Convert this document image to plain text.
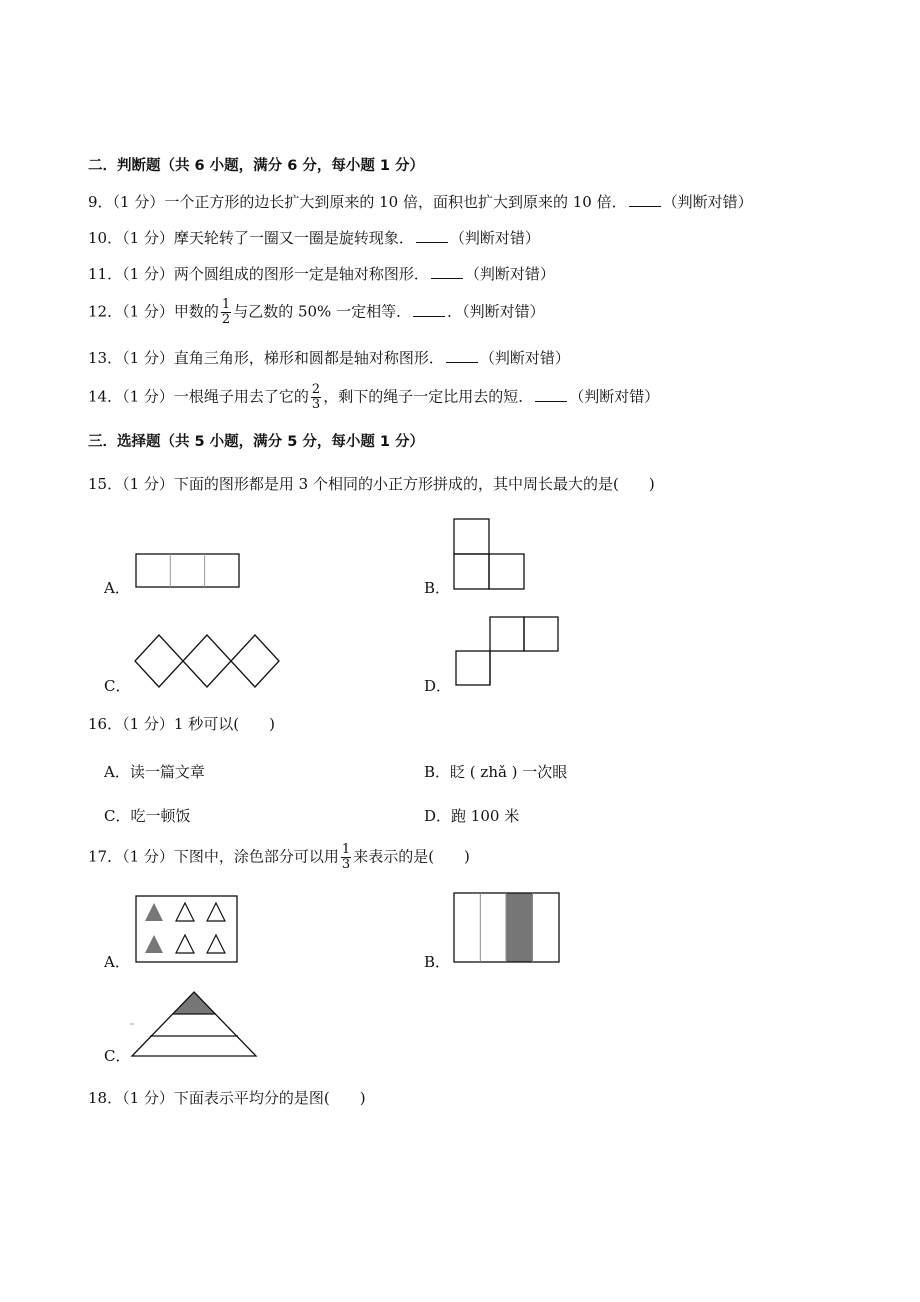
二．判断题（共 6 小题，满分 6 分，每小题 1 分）
9．（1 分）一个正方形的边长扩大到原来的 10 倍，面积也扩大到原来的 10 倍． （判断对错）
10．（1 分）摩天轮转了一圈又一圈是旋转现象． （判断对错）
11．（1 分）两个圆组成的图形一定是轴对称图形． （判断对错）
12．（1 分）甲数的 $\frac{1}{2}$ 与乙数的 50% 一定相等． ．（判断对错）
13．（1 分）直角三角形，梯形和圆都是轴对称图形． （判断对错）
14．（1 分）一根绳子用去了它的 $\frac{2}{3}$ ，剩下的绳子一定比用去的短． （判断对错）
三．选择题（共 5 小题，满分 5 分，每小题 1 分）
15．（1 分）下面的图形都是用 3 个相同的小正方形拼成的，其中周长最大的是(　　)
A．	B．
C．	D．
16．（1 分）1 秒可以(　　)
A．读一篇文章	B．眨 ( zhǎ ) 一次眼
C．吃一顿饭	D．跑 100 米
17．（1 分）下图中，涂色部分可以用 $\frac{1}{3}$ 来表示的是(　　)
A．	B．
C．
18．（1 分）下面表示平均分的是图(　　)
